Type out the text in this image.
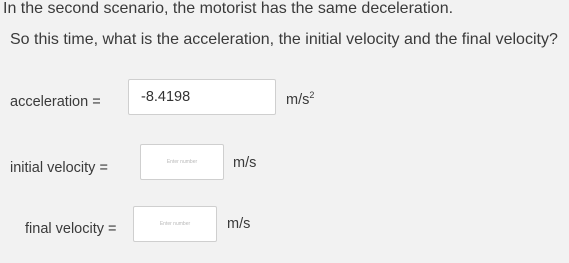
In the second scenario, the motorist has the same deceleration.
So this time, what is the acceleration, the initial velocity and the final velocity?
acceleration =
-8.4198	$m/s^2$
initial velocity =
Enter number	m/s
final velocity =
Enter number	m/s
